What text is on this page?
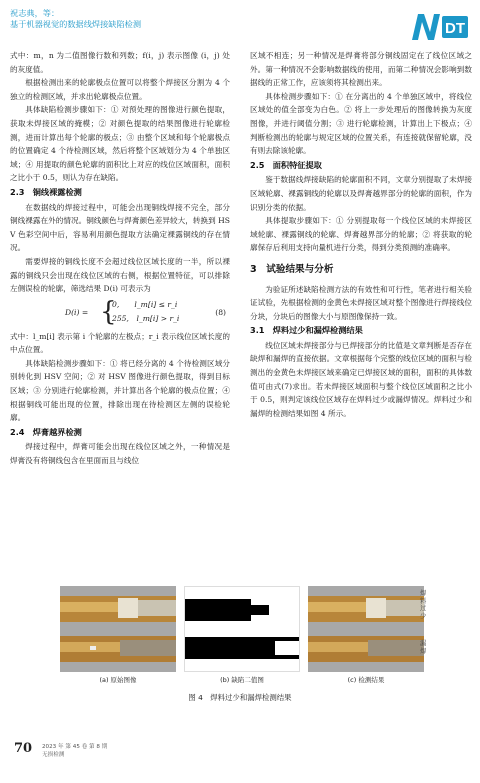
祝志典，等：
基于机器视觉的数据线焊接缺陷检测	DT

式中：m，n 为二值图像行数和列数；f(i，j) 表示图像 (i，j) 处的灰度值。

根据检测出来的轮廓极点位置可以将整个焊接区分割为 4 个独立的检测区域，并求出轮廓极点位置。

具体缺陷检测步骤如下：① 对预处理的图像进行颜色提取，获取未焊接区域的掩模；② 对颜色提取的结果图像进行轮廓检测，进而计算出每个轮廓的极点；③ 由整个区域和每个轮廓极点的位置确定 4 个待检测区域，然后将整个区域划分为 4 个单独区域；④ 用提取的颜色轮廓的面积比上对应的线位区域面积，面积之比小于 0.5，则认为存在缺陷。

2.3　铜线裸露检测

在数据线的焊接过程中，可能会出现铜线焊接不完全，部分铜线裸露在外的情况。铜线颜色与焊膏颜色差异较大，转换到 HSV 色彩空间中后，容易利用颜色提取方法确定裸露铜线的存在情况。

需要焊接的铜线长度不会超过线位区域长度的一半，所以裸露的铜线只会出现在线位区域的右侧，根据位置特征，可以排除左侧误检的轮廓，筛选结果 D(i) 可表示为

D(i) = {
0,　　l_m[i] ≤ r_i
255,　l_m[i] > r_i
(8)

式中：l_m[i] 表示第 i 个轮廓的左极点；r_i 表示线位区域长度的中点位置。

具体缺陷检测步骤如下：① 将已经分离的 4 个待检测区域分别转化到 HSV 空间；② 对 HSV 图像进行颜色提取，得到目标区域；③ 分别进行轮廓检测，并计算出各个轮廓的极点位置；④ 根据铜线可能出现的位置，排除出现在待检测区左侧的误检轮廓。

2.4　焊膏越界检测

焊接过程中，焊膏可能会出现在线位区域之外，一种情况是焊膏没有将铜线包含在里面而且与线位

区域不相连；另一种情况是焊膏将部分铜线固定在了线位区域之外。第一种情况不会影响数据线的使用，而第二种情况会影响到数据线的正常工作，应该须将其检测出来。

具体检测步骤如下：① 在分离出的 4 个单独区域中，将线位区域处的值全部变为白色。② 将上一步处理后的图像转换为灰度图像，并进行阈值分割；③ 进行轮廓检测，计算出上下极点；④ 判断检测出的轮廓与规定区域的位置关系，有连接就保留轮廓，没有则去除该轮廓。

2.5　面积特征提取

鉴于数据线焊接缺陷的轮廓面积不同，文章分别提取了未焊接区域轮廓、裸露铜线的轮廓以及焊膏越界部分的轮廓的面积，作为识别分类的依据。

具体提取步骤如下：① 分别提取每一个线位区域的未焊接区域轮廓、裸露铜线的轮廓、焊膏越界部分的轮廓；② 将获取的轮廓保存后利用支持向量机进行分类，得到分类预测的准确率。

3　试验结果与分析

为验证所述缺陷检测方法的有效性和可行性，笔者进行相关验证试验，先根据检测的金黄色未焊接区域对整个图像进行焊接线位分块，分块后的图像大小与原图像保持一致。

3.1　焊料过少和漏焊检测结果

线位区域未焊接部分与已焊接部分的比值是文章判断是否存在缺焊和漏焊的直接依据。文章根据每个完整的线位区域的面积与检测出的金黄色未焊接区域来确定已焊接区域的面积，面积的具体数值可由式(7)求出。若未焊接区域面积与整个线位区域面积之比小于 0.5，则判定该线位区域存在焊料过少或漏焊情况。焊料过少和漏焊的检测结果如图 4 所示。

(a) 原始图像	(b) 缺陷二值图	(c) 检测结果
焊料过少
漏焊
图 4　焊料过少和漏焊检测结果
70 2023 年 第 45 卷 第 8 期
无损检测
